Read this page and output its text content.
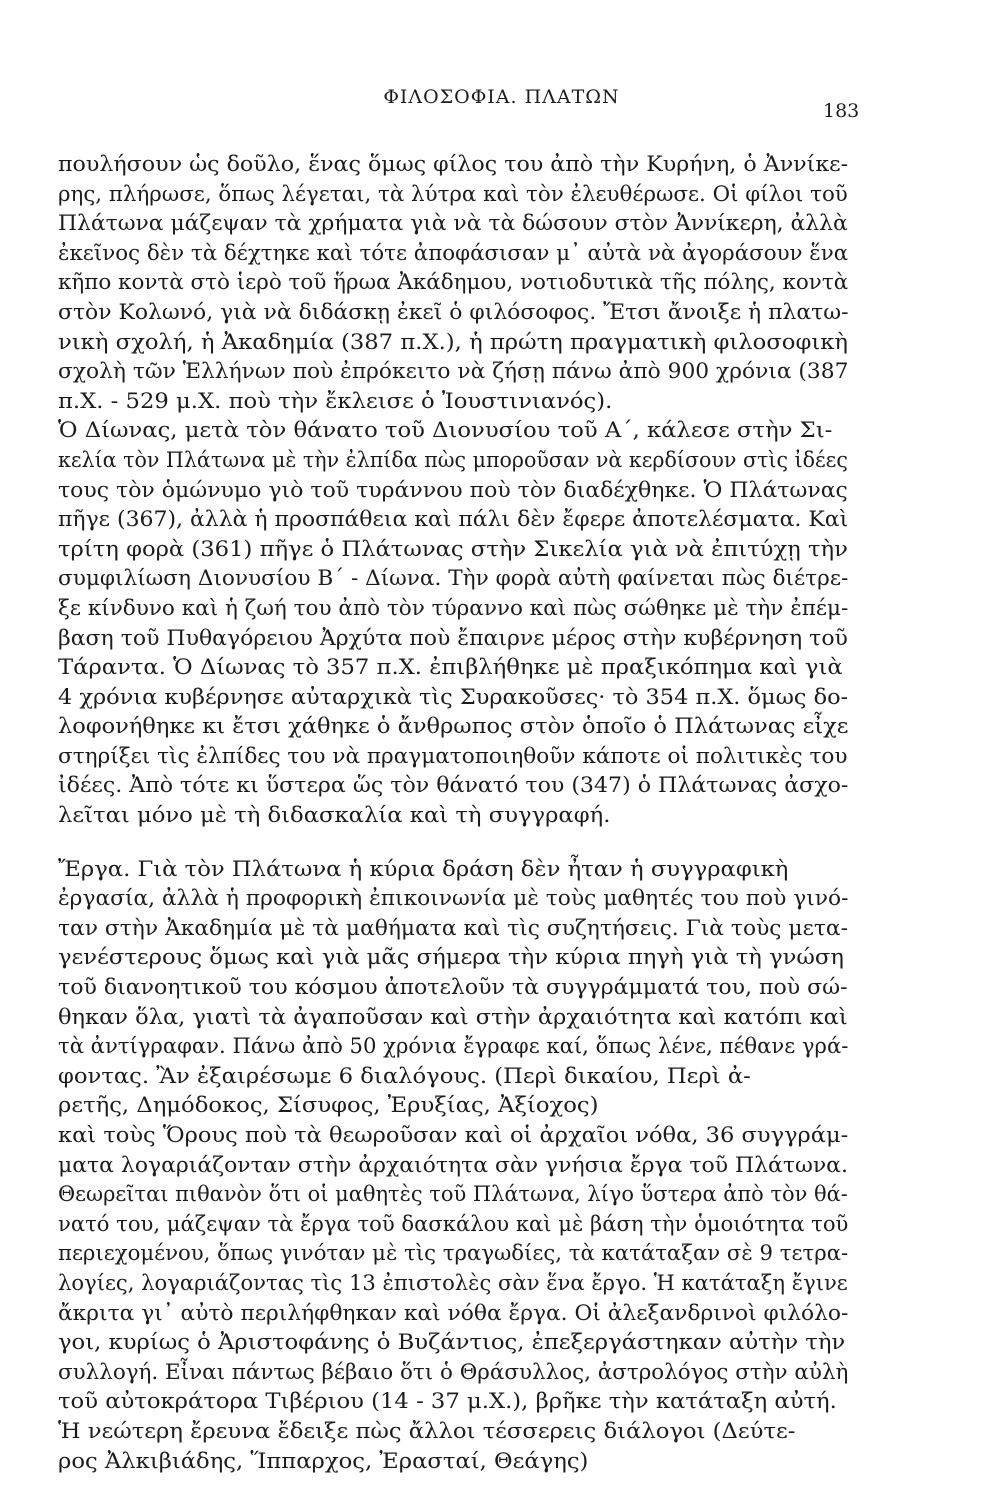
ΦΙΛΟΣΟΦΙΑ. ΠΛΑΤΩΝ
183
πουλήσουν ὡς δοῦλο, ἕνας ὅμως φίλος του ἀπὸ τὴν Κυρήνη, ὁ Ἀννίκε-
ρης, πλήρωσε, ὅπως λέγεται, τὰ λύτρα καὶ τὸν ἐλευθέρωσε. Οἱ φίλοι τοῦ
Πλάτωνα μάζεψαν τὰ χρήματα γιὰ νὰ τὰ δώσουν στὸν Ἀννίκερη, ἀλλὰ
ἐκεῖνος δὲν τὰ δέχτηκε καὶ τότε ἀποφάσισαν μ᾽ αὐτὰ νὰ ἀγοράσουν ἕνα
κῆπο κοντὰ στὸ ἱερὸ τοῦ ἥρωα Ἀκάδημου, νοτιοδυτικὰ τῆς πόλης, κοντὰ
στὸν Κολωνό, γιὰ νὰ διδάσκῃ ἐκεῖ ὁ φιλόσοφος. Ἔτσι ἄνοιξε ἡ πλατω-
νικὴ σχολή, ἡ Ἀκαδημία (387 π.Χ.), ἡ πρώτη πραγματικὴ φιλοσοφικὴ
σχολὴ τῶν Ἑλλήνων ποὺ ἐπρόκειτο νὰ ζήσῃ πάνω ἀπὸ 900 χρόνια (387
π.Χ. - 529 μ.Χ. ποὺ τὴν ἔκλεισε ὁ Ἰουστινιανός).
Ὁ Δίωνας, μετὰ τὸν θάνατο τοῦ Διονυσίου τοῦ Α΄, κάλεσε στὴν Σι-
κελία τὸν Πλάτωνα μὲ τὴν ἐλπίδα πὼς μποροῦσαν νὰ κερδίσουν στὶς ἰδέες
τους τὸν ὁμώνυμο γιὸ τοῦ τυράννου ποὺ τὸν διαδέχθηκε. Ὁ Πλάτωνας
πῆγε (367), ἀλλὰ ἡ προσπάθεια καὶ πάλι δὲν ἔφερε ἀποτελέσματα. Καὶ
τρίτη φορὰ (361) πῆγε ὁ Πλάτωνας στὴν Σικελία γιὰ νὰ ἐπιτύχῃ τὴν
συμφιλίωση Διονυσίου Β΄ - Δίωνα. Τὴν φορὰ αὐτὴ φαίνεται πὼς διέτρε-
ξε κίνδυνο καὶ ἡ ζωή του ἀπὸ τὸν τύραννο καὶ πὼς σώθηκε μὲ τὴν ἐπέμ-
βαση τοῦ Πυθαγόρειου Ἀρχύτα ποὺ ἔπαιρνε μέρος στὴν κυβέρνηση τοῦ
Τάραντα. Ὁ Δίωνας τὸ 357 π.Χ. ἐπιβλήθηκε μὲ πραξικόπημα καὶ γιὰ
4 χρόνια κυβέρνησε αὐταρχικὰ τὶς Συρακοῦσες· τὸ 354 π.Χ. ὅμως δο-
λοφονήθηκε κι ἔτσι χάθηκε ὁ ἄνθρωπος στὸν ὁποῖο ὁ Πλάτωνας εἶχε
στηρίξει τὶς ἐλπίδες του νὰ πραγματοποιηθοῦν κάποτε οἱ πολιτικὲς του
ἰδέες. Ἀπὸ τότε κι ὕστερα ὥς τὸν θάνατό του (347) ὁ Πλάτωνας ἀσχο-
λεῖται μόνο μὲ τὴ διδασκαλία καὶ τὴ συγγραφή.
Ἔργα. Γιὰ τὸν Πλάτωνα ἡ κύρια δράση δὲν ἦταν ἡ συγγραφικὴ
ἐργασία, ἀλλὰ ἡ προφορικὴ ἐπικοινωνία μὲ τοὺς μαθητές του ποὺ γινό-
ταν στὴν Ἀκαδημία μὲ τὰ μαθήματα καὶ τὶς συζητήσεις. Γιὰ τοὺς μετα-
γενέστερους ὅμως καὶ γιὰ μᾶς σήμερα τὴν κύρια πηγὴ γιὰ τὴ γνώση
τοῦ διανοητικοῦ του κόσμου ἀποτελοῦν τὰ συγγράμματά του, ποὺ σώ-
θηκαν ὅλα, γιατὶ τὰ ἀγαποῦσαν καὶ στὴν ἀρχαιότητα καὶ κατόπι καὶ
τὰ ἀντίγραφαν. Πάνω ἀπὸ 50 χρόνια ἔγραφε καί, ὅπως λένε, πέθανε γρά-
φοντας. Ἂν ἐξαιρέσωμε 6 διαλόγους. (Περὶ δικαίου, Περὶ ἀ-
ρετῆς, Δημόδοκος, Σίσυφος, Ἐρυξίας, Ἀξίοχος)
καὶ τοὺς Ὅρους ποὺ τὰ θεωροῦσαν καὶ οἱ ἀρχαῖοι νόθα, 36 συγγράμ-
ματα λογαριάζονταν στὴν ἀρχαιότητα σὰν γνήσια ἔργα τοῦ Πλάτωνα.
Θεωρεῖται πιθανὸν ὅτι οἱ μαθητὲς τοῦ Πλάτωνα, λίγο ὕστερα ἀπὸ τὸν θά-
νατό του, μάζεψαν τὰ ἔργα τοῦ δασκάλου καὶ μὲ βάση τὴν ὁμοιότητα τοῦ
περιεχομένου, ὅπως γινόταν μὲ τὶς τραγωδίες, τὰ κατάταξαν σὲ 9 τετρα-
λογίες, λογαριάζοντας τὶς 13 ἐπιστολὲς σὰν ἕνα ἔργο. Ἡ κατάταξη ἔγινε
ἄκριτα γι᾽ αὐτὸ περιλήφθηκαν καὶ νόθα ἔργα. Οἱ ἀλεξανδρινοὶ φιλόλο-
γοι, κυρίως ὁ Ἀριστοφάνης ὁ Βυζάντιος, ἐπεξεργάστηκαν αὐτὴν τὴν
συλλογή. Εἶναι πάντως βέβαιο ὅτι ὁ Θράσυλλος, ἀστρολόγος στὴν αὐλὴ
τοῦ αὐτοκράτορα Τιβέριου (14 - 37 μ.Χ.), βρῆκε τὴν κατάταξη αὐτή.
Ἡ νεώτερη ἔρευνα ἔδειξε πὼς ἄλλοι τέσσερεις διάλογοι (Δεύτε-
ρος Ἀλκιβιάδης, Ἵππαρχος, Ἐρασταί, Θεάγης)
